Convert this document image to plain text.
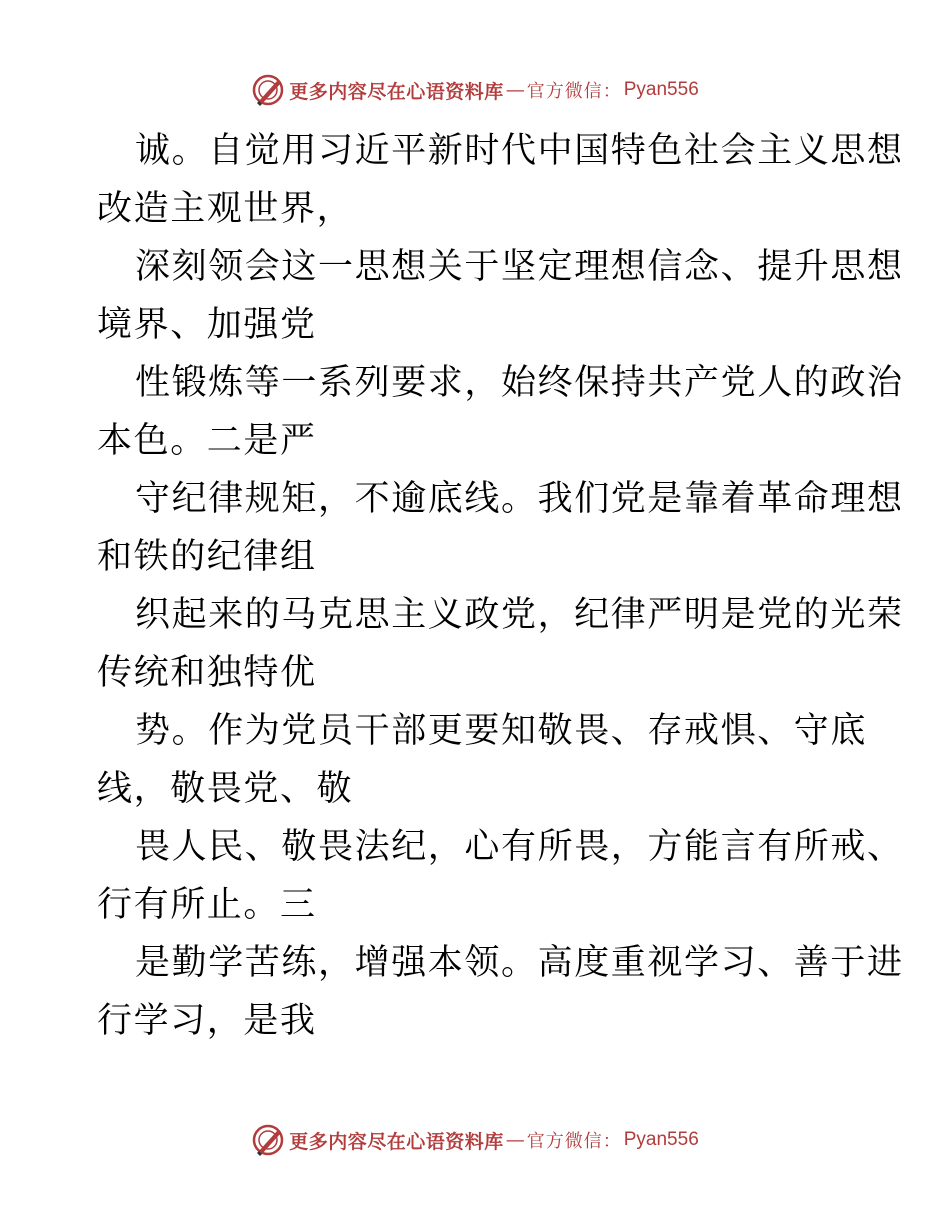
更多内容尽在心语资料库 — 官方微信： Pyan556
诚。自觉用习近平新时代中国特色社会主义思想
改造主观世界，
深刻领会这一思想关于坚定理想信念、提升思想
境界、加强党
性锻炼等一系列要求，始终保持共产党人的政治
本色。二是严
守纪律规矩，不逾底线。我们党是靠着革命理想
和铁的纪律组
织起来的马克思主义政党，纪律严明是党的光荣
传统和独特优
势。作为党员干部更要知敬畏、存戒惧、守底
线，敬畏党、敬
畏人民、敬畏法纪，心有所畏，方能言有所戒、
行有所止。三
是勤学苦练，增强本领。高度重视学习、善于进
行学习，是我
更多内容尽在心语资料库 — 官方微信： Pyan556
